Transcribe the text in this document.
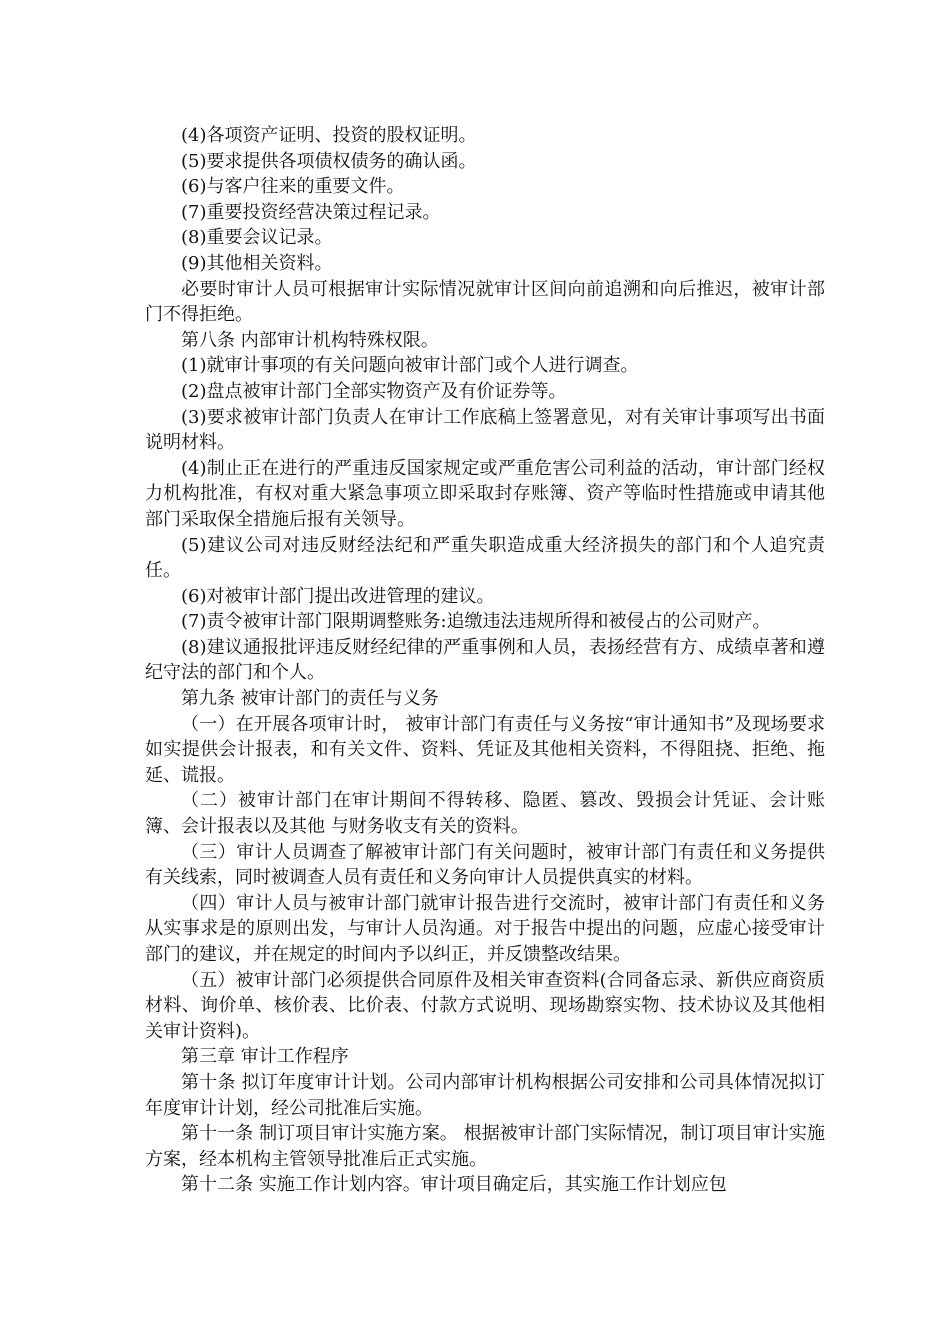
(4)各项资产证明、投资的股权证明。

(5)要求提供各项债权债务的确认函。

(6)与客户往来的重要文件。

(7)重要投资经营决策过程记录。

(8)重要会议记录。

(9)其他相关资料。

必要时审计人员可根据审计实际情况就审计区间向前追溯和向后推迟，被审计部门不得拒绝。

第八条 内部审计机构特殊权限。

(1)就审计事项的有关问题向被审计部门或个人进行调查。

(2)盘点被审计部门全部实物资产及有价证券等。

(3)要求被审计部门负责人在审计工作底稿上签署意见，对有关审计事项写出书面说明材料。

(4)制止正在进行的严重违反国家规定或严重危害公司利益的活动，审计部门经权力机构批准，有权对重大紧急事项立即采取封存账簿、资产等临时性措施或申请其他部门采取保全措施后报有关领导。

(5)建议公司对违反财经法纪和严重失职造成重大经济损失的部门和个人追究责任。

(6)对被审计部门提出改进管理的建议。

(7)责令被审计部门限期调整账务:追缴违法违规所得和被侵占的公司财产。

(8)建议通报批评违反财经纪律的严重事例和人员，表扬经营有方、成绩卓著和遵纪守法的部门和个人。

第九条 被审计部门的责任与义务

（一）在开展各项审计时， 被审计部门有责任与义务按“审计通知书”及现场要求如实提供会计报表，和有关文件、资料、凭证及其他相关资料，不得阻挠、拒绝、拖延、谎报。

（二）被审计部门在审计期间不得转移、隐匿、篡改、毁损会计凭证、会计账簿、会计报表以及其他 与财务收支有关的资料。

（三）审计人员调查了解被审计部门有关问题时，被审计部门有责任和义务提供有关线索，同时被调查人员有责任和义务向审计人员提供真实的材料。

（四）审计人员与被审计部门就审计报告进行交流时，被审计部门有责任和义务从实事求是的原则出发，与审计人员沟通。对于报告中提出的问题，应虚心接受审计部门的建议，并在规定的时间内予以纠正，并反馈整改结果。

（五）被审计部门必须提供合同原件及相关审查资料(合同备忘录、新供应商资质材料、询价单、核价表、比价表、付款方式说明、现场勘察实物、技术协议及其他相关审计资料)。

第三章 审计工作程序

第十条 拟订年度审计计划。公司内部审计机构根据公司安排和公司具体情况拟订年度审计计划，经公司批准后实施。

第十一条 制订项目审计实施方案。 根据被审计部门实际情况，制订项目审计实施方案，经本机构主管领导批准后正式实施。

第十二条 实施工作计划内容。审计项目确定后，其实施工作计划应包
